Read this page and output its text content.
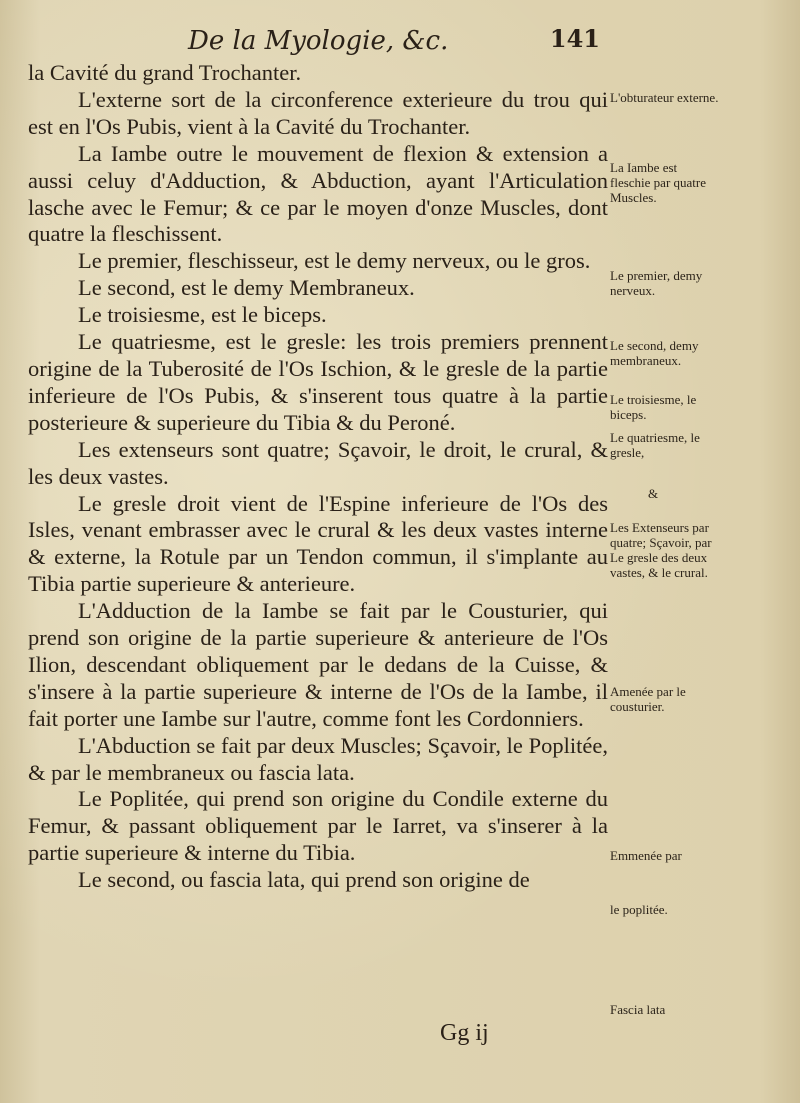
De la Myologie, &c.	141

la Cavité du grand Trochanter.

L'externe sort de la circonference exterieure du trou qui est en l'Os Pubis, vient à la Cavité du Trochanter.

La Iambe outre le mouvement de flexion & extension a aussi celuy d'Adduction, & Abduction, ayant l'Articulation lasche avec le Femur; & ce par le moyen d'onze Muscles, dont quatre la fleschissent.

Le premier, fleschisseur, est le demy nerveux, ou le gros.

Le second, est le demy Membraneux.

Le troisiesme, est le biceps.

Le quatriesme, est le gresle: les trois premiers prennent origine de la Tuberosité de l'Os Ischion, & le gresle de la partie inferieure de l'Os Pubis, & s'inserent tous quatre à la partie posterieure & superieure du Tibia & du Peroné.

Les extenseurs sont quatre; Sçavoir, le droit, le crural, & les deux vastes.

Le gresle droit vient de l'Espine inferieure de l'Os des Isles, venant embrasser avec le crural & les deux vastes interne & externe, la Rotule par un Tendon commun, il s'implante au Tibia partie superieure & anterieure.

L'Adduction de la Iambe se fait par le Cousturier, qui prend son origine de la partie superieure & anterieure de l'Os Ilion, descendant obliquement par le dedans de la Cuisse, & s'insere à la partie superieure & interne de l'Os de la Iambe, il fait porter une Iambe sur l'autre, comme font les Cordonniers.

L'Abduction se fait par deux Muscles; Sçavoir, le Poplitée, & par le membraneux ou fascia lata.

Le Poplitée, qui prend son origine du Condile externe du Femur, & passant obliquement par le Iarret, va s'inserer à la partie superieure & interne du Tibia.

Le second, ou fascia lata, qui prend son origine de

L'obturateur externe.
La Iambe est fleschie par quatre Muscles.
Le premier, demy nerveux.
Le second, demy membraneux.
Le troisiesme, le biceps.
Le quatriesme, le gresle,
&
Les Extenseurs par quatre; Sçavoir, par Le gresle des deux vastes, & le crural.
Amenée par le cousturier.
Emmenée par
le poplitée.
Fascia lata
Gg ij
